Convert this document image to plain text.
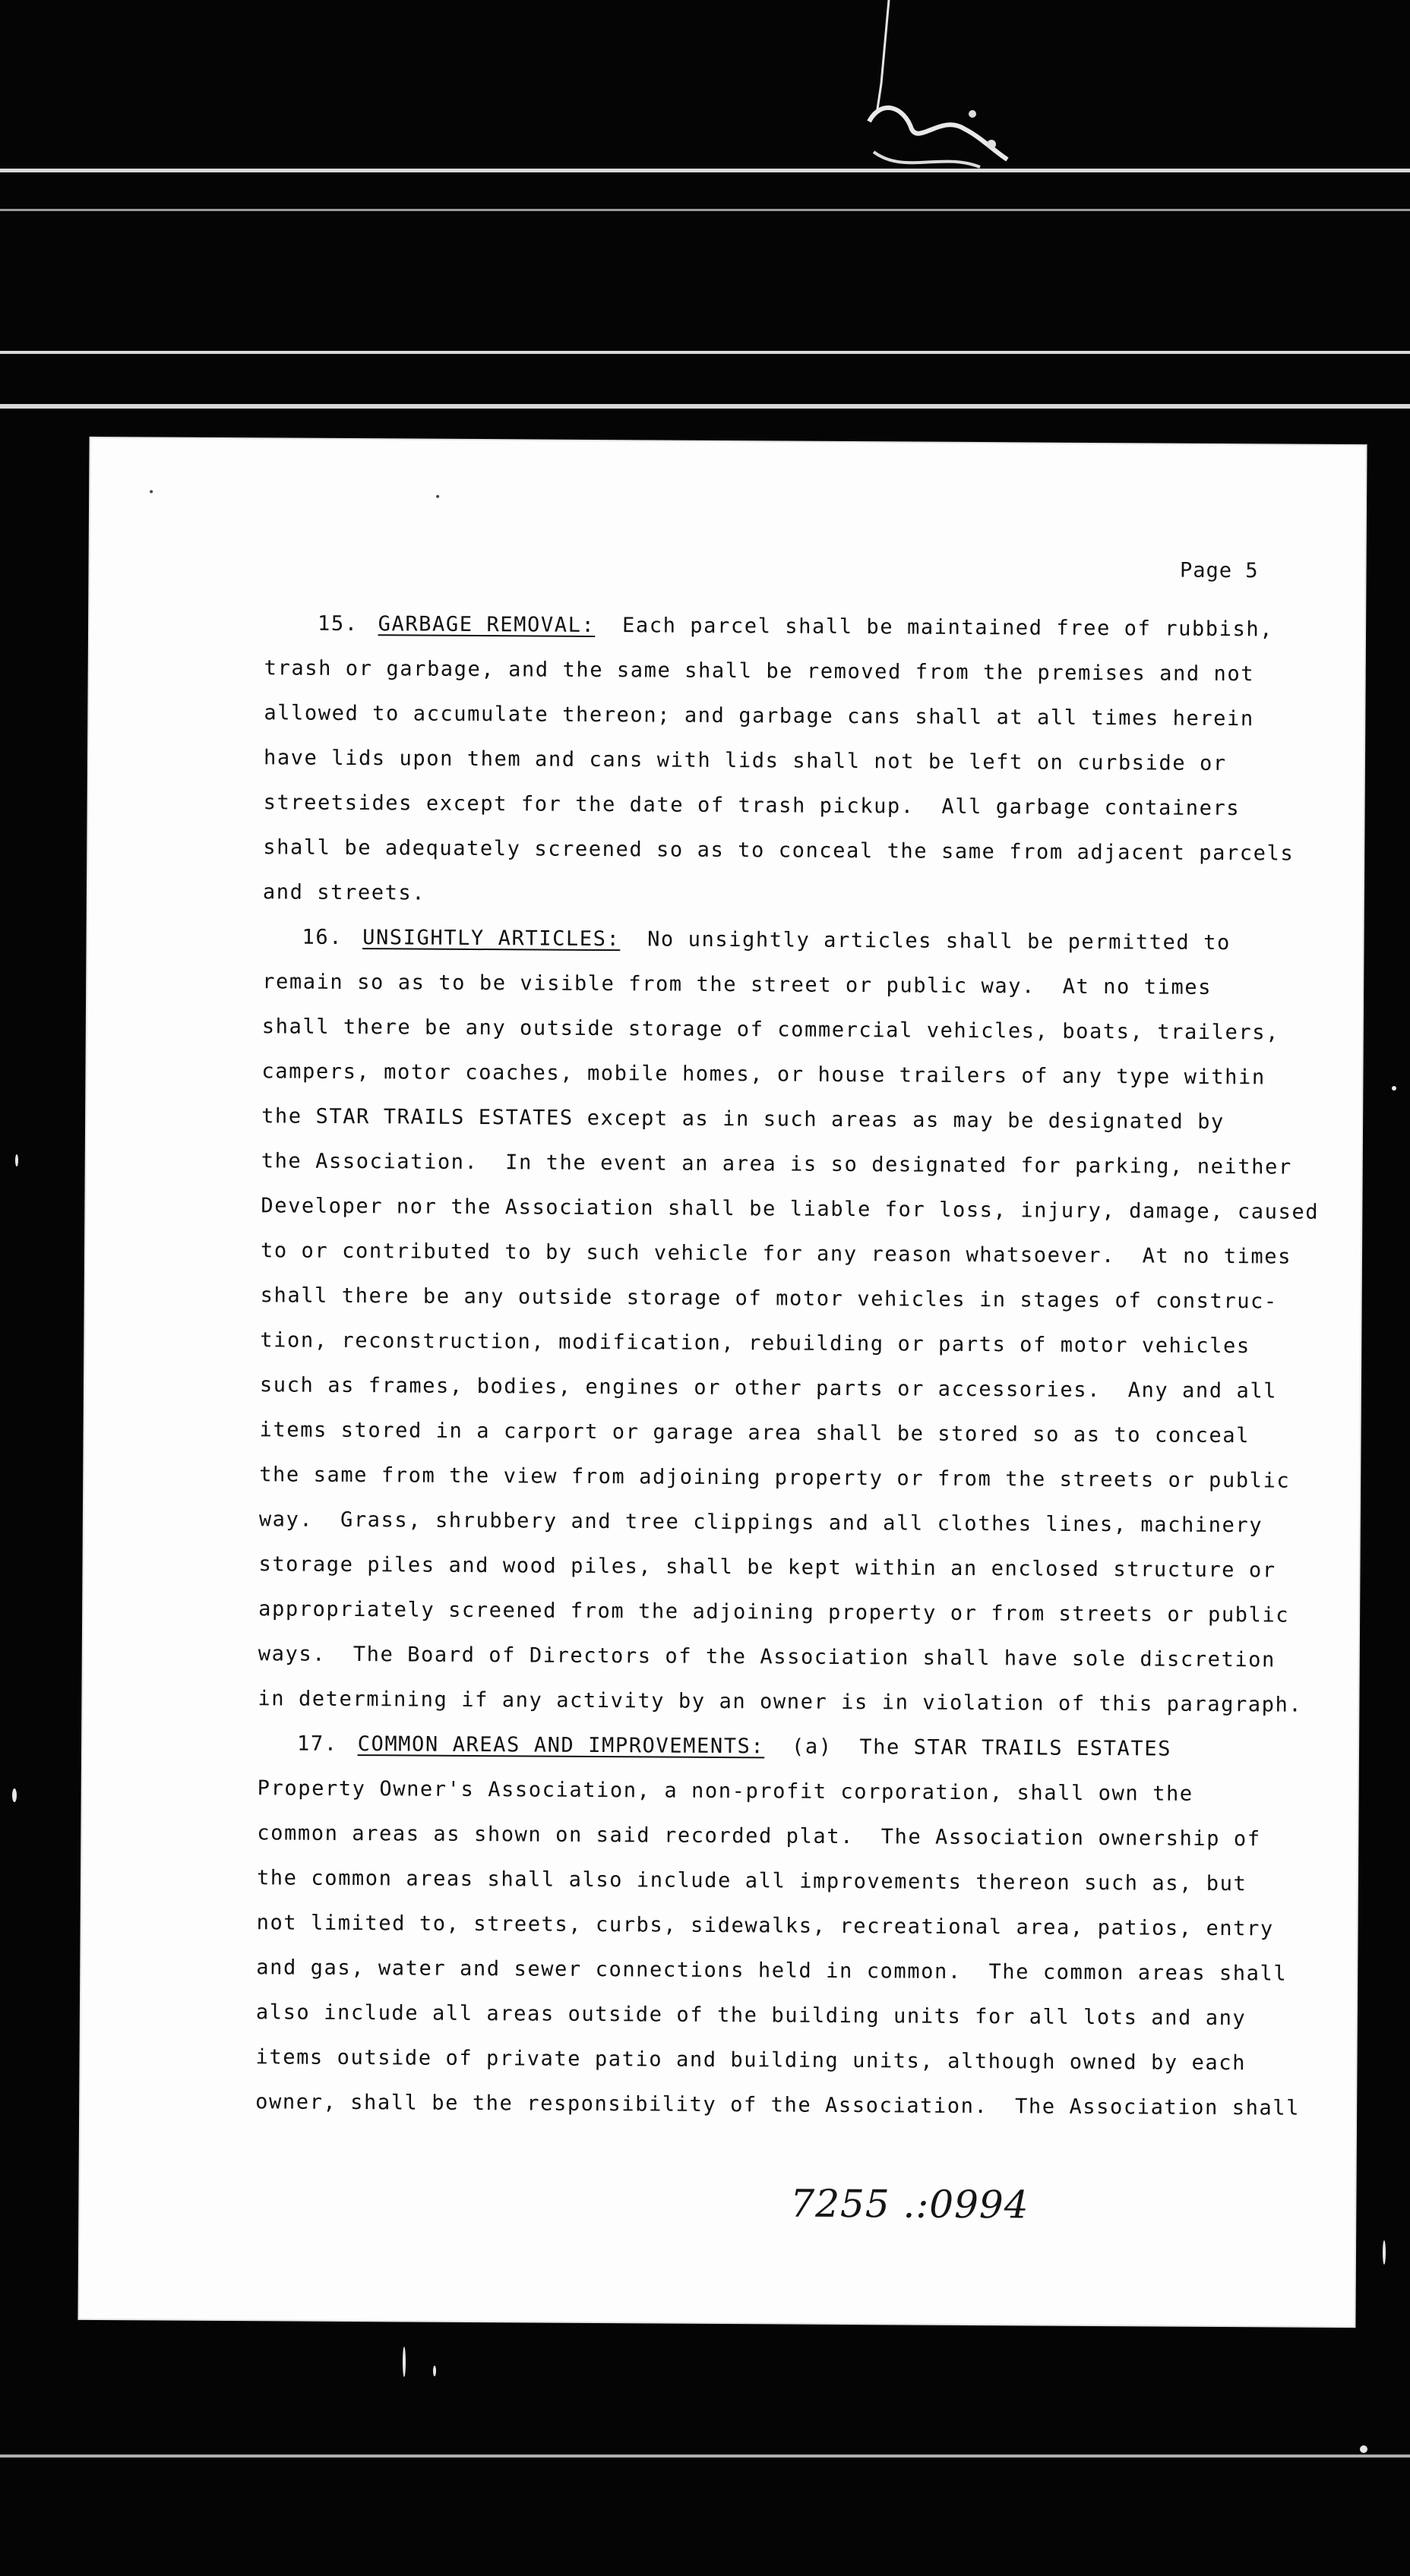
Page 5
15. GARBAGE REMOVAL: Each parcel shall be maintained free of rubbish,
trash or garbage, and the same shall be removed from the premises and not
allowed to accumulate thereon; and garbage cans shall at all times herein
have lids upon them and cans with lids shall not be left on curbside or
streetsides except for the date of trash pickup.  All garbage containers
shall be adequately screened so as to conceal the same from adjacent parcels
and streets.
16. UNSIGHTLY ARTICLES: No unsightly articles shall be permitted to
remain so as to be visible from the street or public way.  At no times
shall there be any outside storage of commercial vehicles, boats, trailers,
campers, motor coaches, mobile homes, or house trailers of any type within
the STAR TRAILS ESTATES except as in such areas as may be designated by
the Association.  In the event an area is so designated for parking, neither
Developer nor the Association shall be liable for loss, injury, damage, caused
to or contributed to by such vehicle for any reason whatsoever.  At no times
shall there be any outside storage of motor vehicles in stages of construc-
tion, reconstruction, modification, rebuilding or parts of motor vehicles
such as frames, bodies, engines or other parts or accessories.  Any and all
items stored in a carport or garage area shall be stored so as to conceal
the same from the view from adjoining property or from the streets or public
way.  Grass, shrubbery and tree clippings and all clothes lines, machinery
storage piles and wood piles, shall be kept within an enclosed structure or
appropriately screened from the adjoining property or from streets or public
ways.  The Board of Directors of the Association shall have sole discretion
in determining if any activity by an owner is in violation of this paragraph.
17. COMMON AREAS AND IMPROVEMENTS: (a)  The STAR TRAILS ESTATES
Property Owner's Association, a non-profit corporation, shall own the
common areas as shown on said recorded plat.  The Association ownership of
the common areas shall also include all improvements thereon such as, but
not limited to, streets, curbs, sidewalks, recreational area, patios, entry
and gas, water and sewer connections held in common.  The common areas shall
also include all areas outside of the building units for all lots and any
items outside of private patio and building units, although owned by each
owner, shall be the responsibility of the Association.  The Association shall
7255 .:0994
